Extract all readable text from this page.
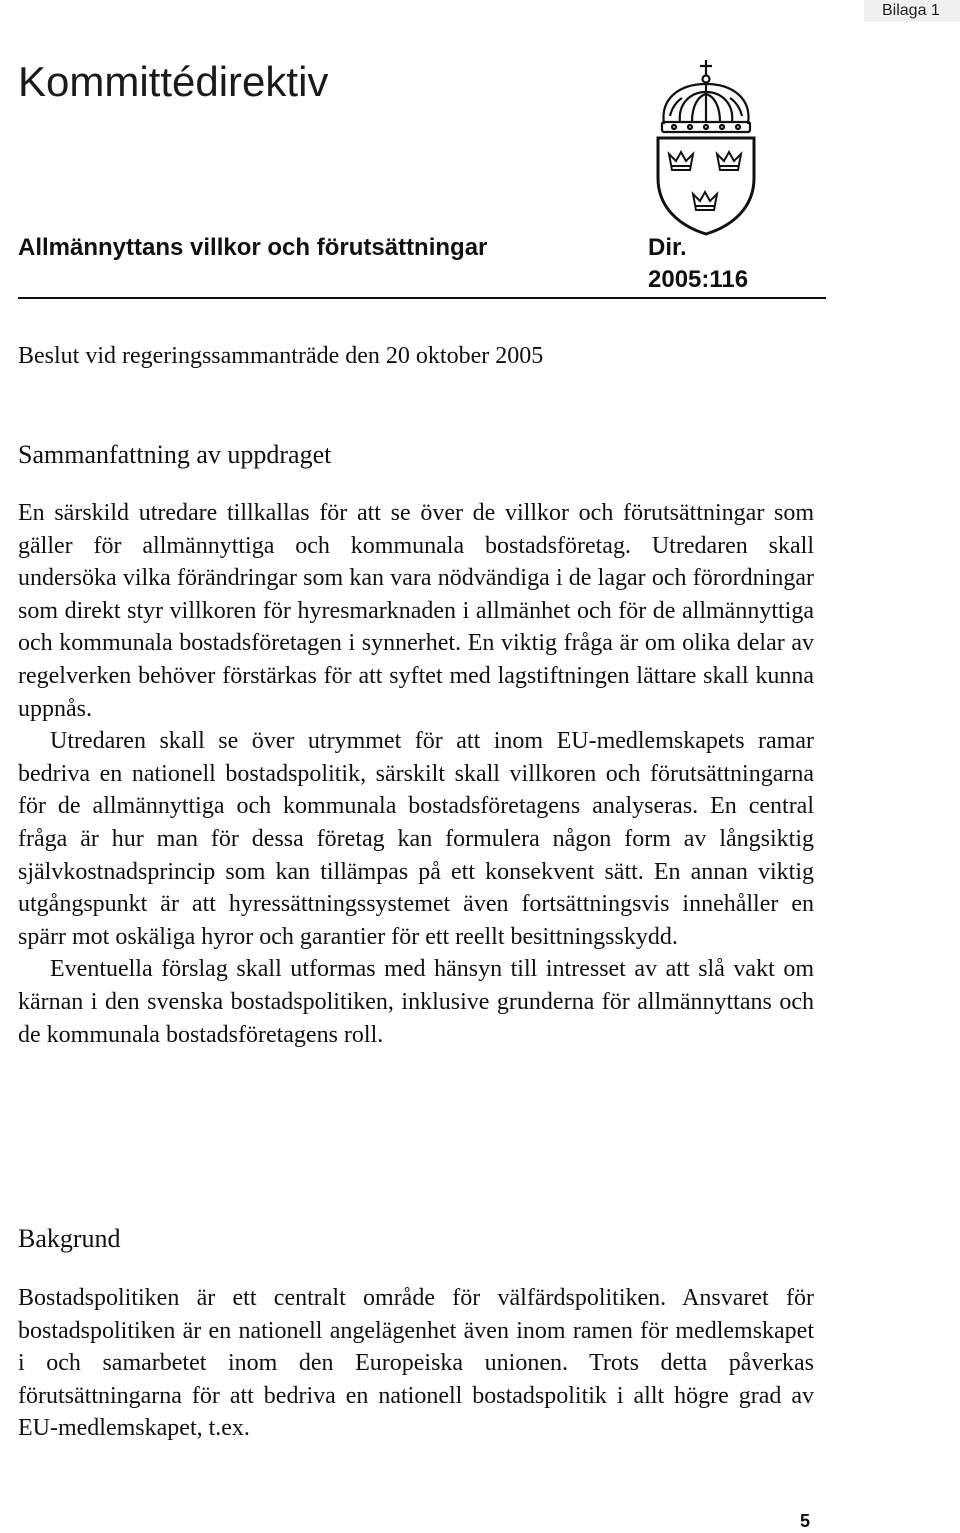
Bilaga 1
Kommittédirektiv
Allmännyttans villkor och förutsättningar	Dir.
2005:116
Beslut vid regeringssammanträde den 20 oktober 2005
Sammanfattning av uppdraget

En särskild utredare tillkallas för att se över de villkor och förutsättningar som gäller för allmännyttiga och kommunala bostadsföretag. Utredaren skall undersöka vilka förändringar som kan vara nödvändiga i de lagar och förordningar som direkt styr villkoren för hyresmarknaden i allmänhet och för de allmännyttiga och kommunala bostadsföretagen i synnerhet. En viktig fråga är om olika delar av regelverken behöver förstärkas för att syftet med lagstiftningen lättare skall kunna uppnås.

Utredaren skall se över utrymmet för att inom EU-medlemskapets ramar bedriva en nationell bostadspolitik, särskilt skall villkoren och förutsättningarna för de allmännyttiga och kommunala bostadsföretagens analyseras. En central fråga är hur man för dessa företag kan formulera någon form av långsiktig självkostnadsprincip som kan tillämpas på ett konsekvent sätt. En annan viktig utgångspunkt är att hyressättningssystemet även fortsättningsvis innehåller en spärr mot oskäliga hyror och garantier för ett reellt besittningsskydd.

Eventuella förslag skall utformas med hänsyn till intresset av att slå vakt om kärnan i den svenska bostadspolitiken, inklusive grunderna för allmännyttans och de kommunala bostadsföretagens roll.

Bakgrund

Bostadspolitiken är ett centralt område för välfärdspolitiken. Ansvaret för bostadspolitiken är en nationell angelägenhet även inom ramen för medlemskapet i och samarbetet inom den Europeiska unionen. Trots detta påverkas förutsättningarna för att bedriva en nationell bostadspolitik i allt högre grad av EU-medlemskapet, t.ex.

5
